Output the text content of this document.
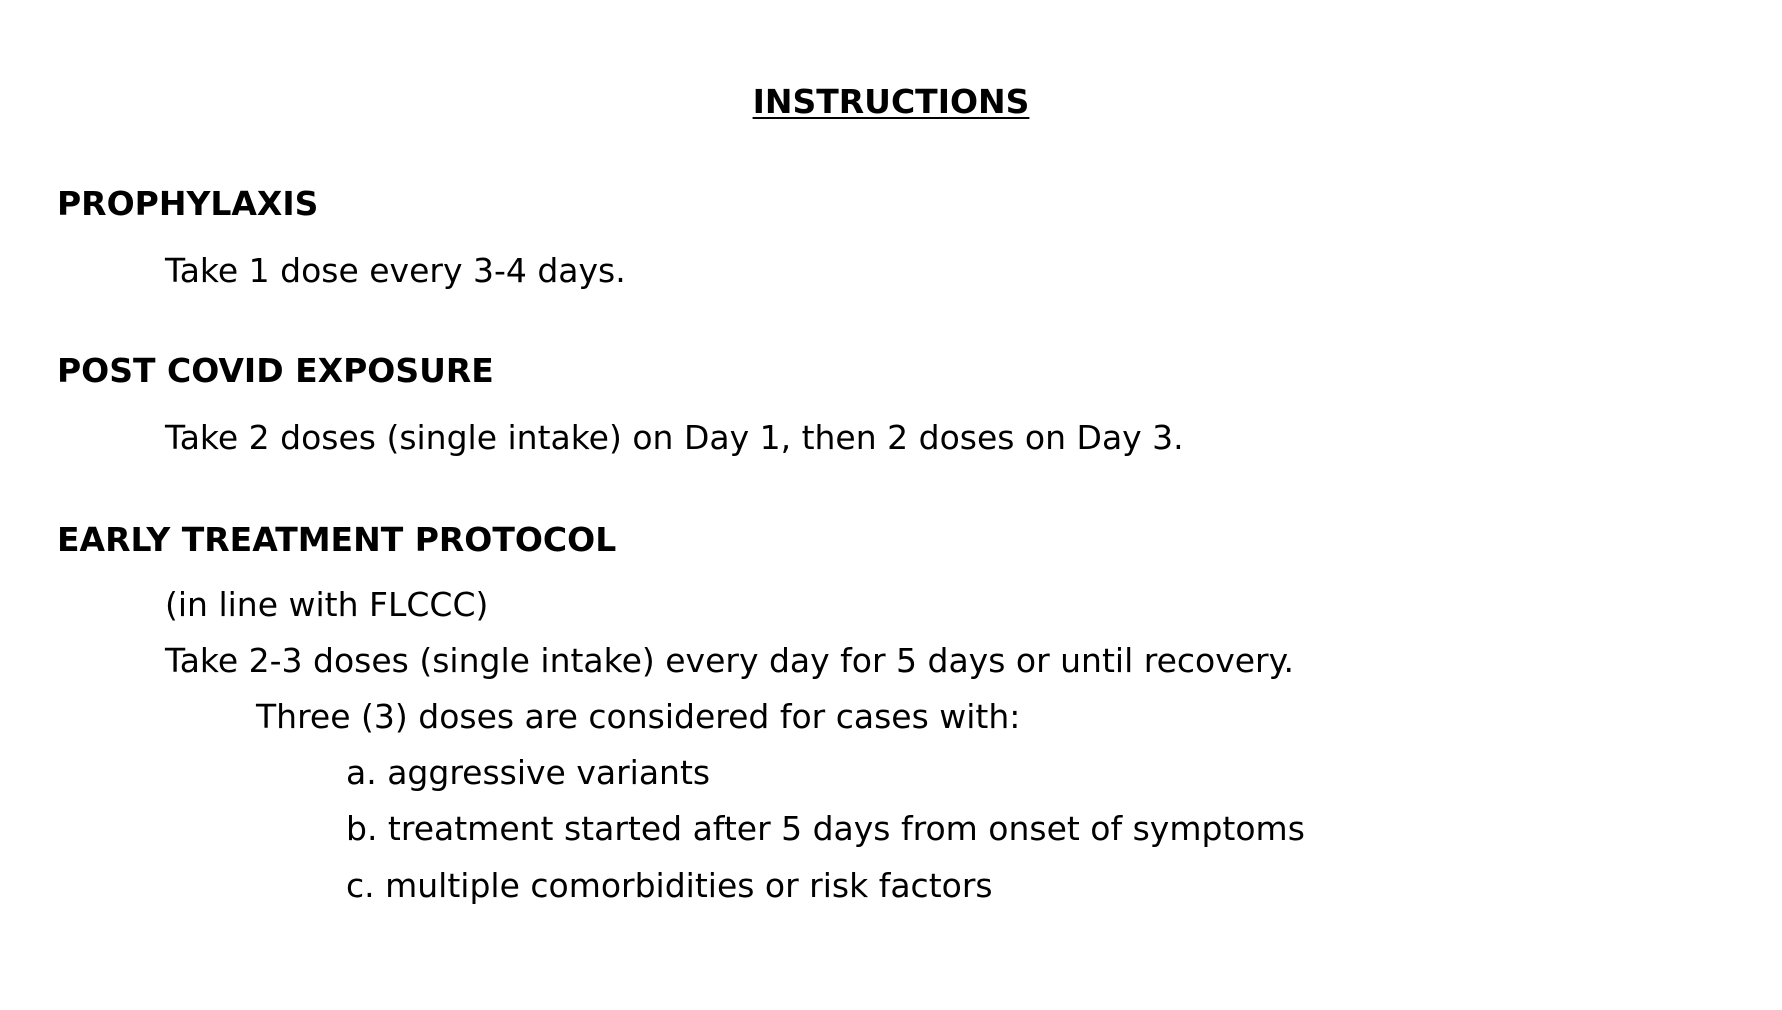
INSTRUCTIONS
PROPHYLAXIS
Take 1 dose every 3-4 days.
POST COVID EXPOSURE
Take 2 doses (single intake) on Day 1, then 2 doses on Day 3.
EARLY TREATMENT PROTOCOL
(in line with FLCCC)
Take 2-3 doses (single intake) every day for 5 days or until recovery.
Three (3) doses are considered for cases with:
a. aggressive variants
b. treatment started after 5 days from onset of symptoms
c. multiple comorbidities or risk factors
